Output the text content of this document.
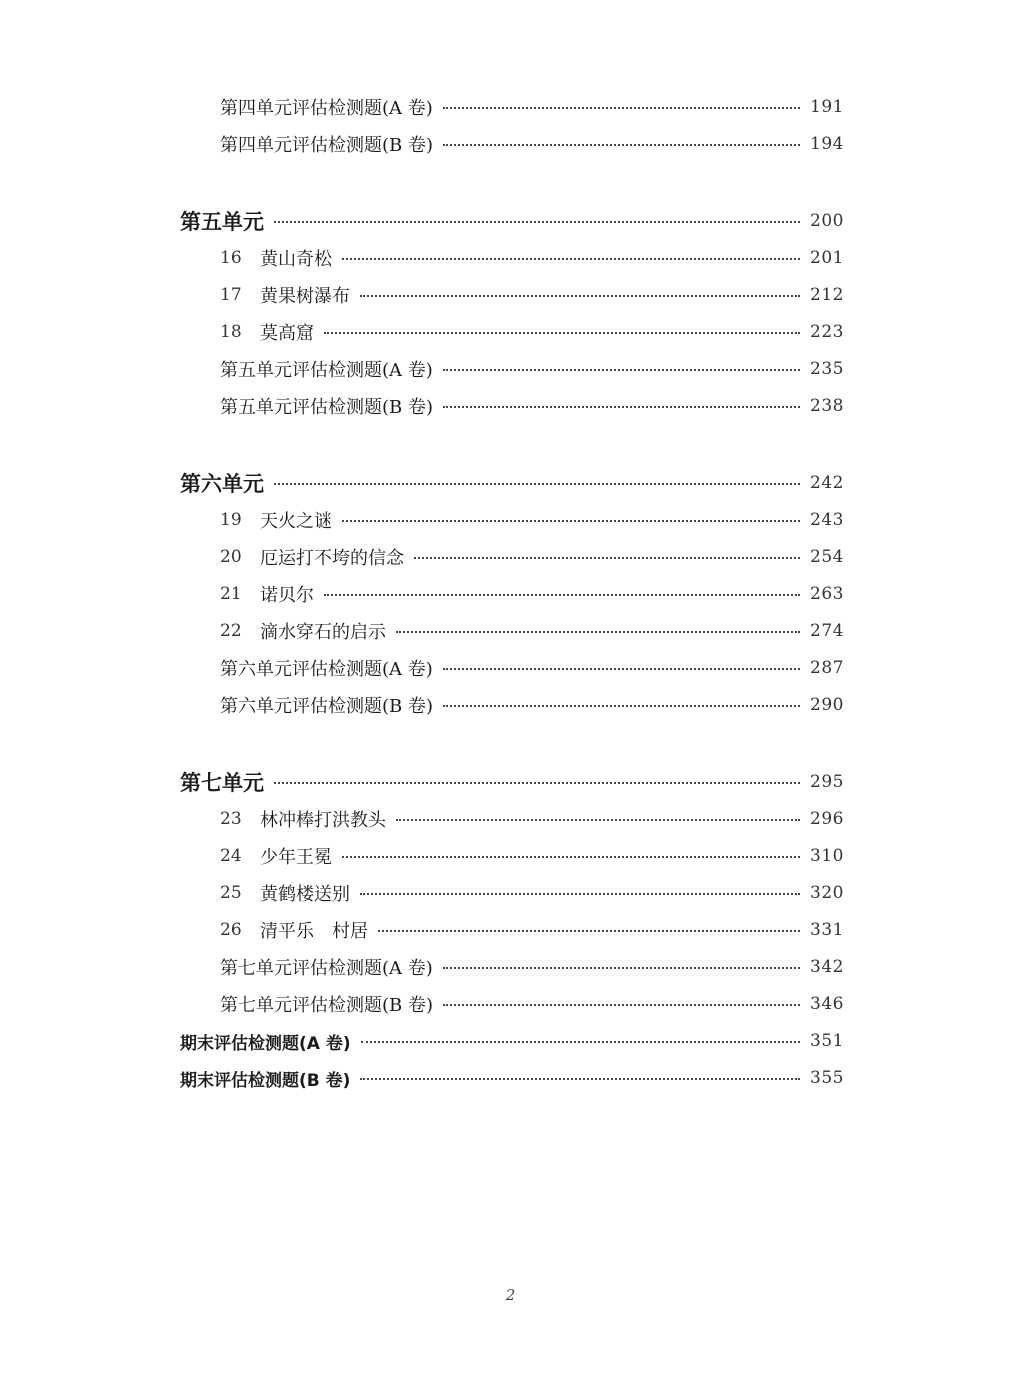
第四单元评估检测题(A 卷)	191
第四单元评估检测题(B 卷)	194
第五单元	200
16	黄山奇松	201
17	黄果树瀑布	212
18	莫高窟	223
第五单元评估检测题(A 卷)	235
第五单元评估检测题(B 卷)	238
第六单元	242
19	天火之谜	243
20	厄运打不垮的信念	254
21	诺贝尔	263
22	滴水穿石的启示	274
第六单元评估检测题(A 卷)	287
第六单元评估检测题(B 卷)	290
第七单元	295
23	林冲棒打洪教头	296
24	少年王冕	310
25	黄鹤楼送别	320
26	清平乐　村居	331
第七单元评估检测题(A 卷)	342
第七单元评估检测题(B 卷)	346
期末评估检测题(A 卷)	351
期末评估检测题(B 卷)	355
2
